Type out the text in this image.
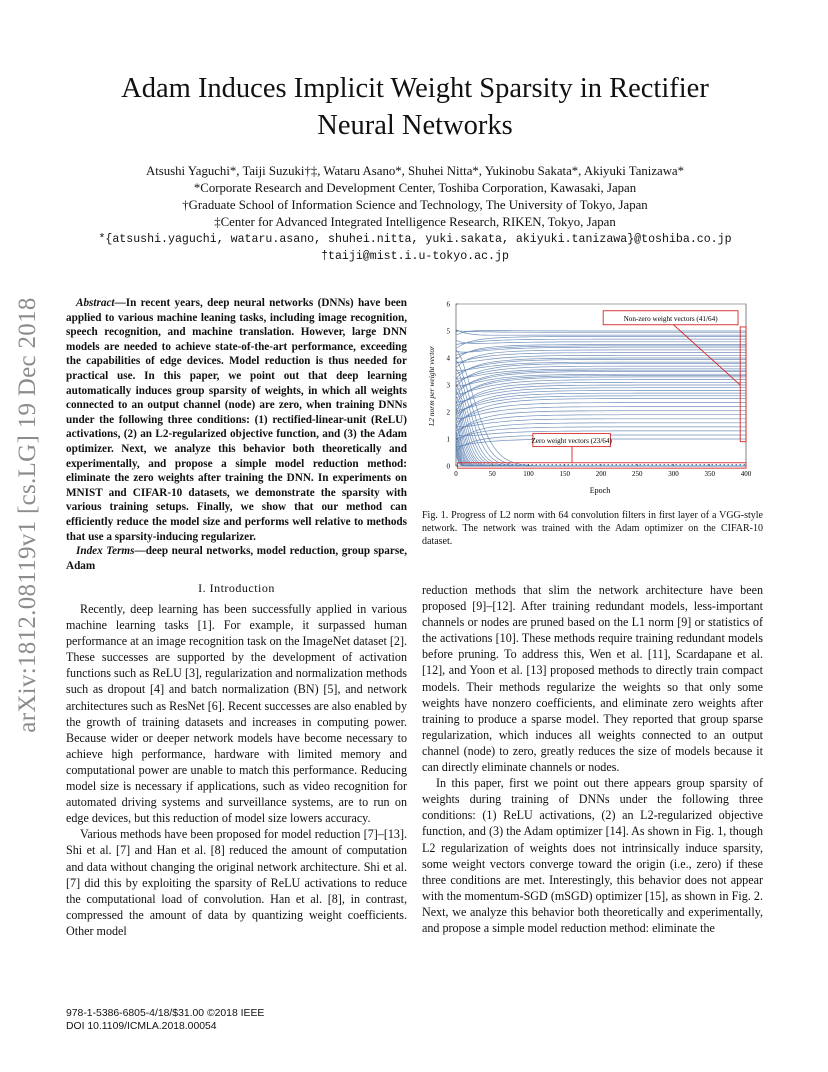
arXiv:1812.08119v1 [cs.LG] 19 Dec 2018
Adam Induces Implicit Weight Sparsity in Rectifier
Neural Networks
Atsushi Yaguchi*, Taiji Suzuki†‡, Wataru Asano*, Shuhei Nitta*, Yukinobu Sakata*, Akiyuki Tanizawa*
*Corporate Research and Development Center, Toshiba Corporation, Kawasaki, Japan
†Graduate School of Information Science and Technology, The University of Tokyo, Japan
‡Center for Advanced Integrated Intelligence Research, RIKEN, Tokyo, Japan
*{atsushi.yaguchi, wataru.asano, shuhei.nitta, yuki.sakata, akiyuki.tanizawa}@toshiba.co.jp
†taiji@mist.i.u-tokyo.ac.jp

Abstract—In recent years, deep neural networks (DNNs) have been applied to various machine leaning tasks, including image recognition, speech recognition, and machine translation. However, large DNN models are needed to achieve state-of-the-art performance, exceeding the capabilities of edge devices. Model reduction is thus needed for practical use. In this paper, we point out that deep learning automatically induces group sparsity of weights, in which all weights connected to an output channel (node) are zero, when training DNNs under the following three conditions: (1) rectified-linear-unit (ReLU) activations, (2) an L2-regularized objective function, and (3) the Adam optimizer. Next, we analyze this behavior both theoretically and experimentally, and propose a simple model reduction method: eliminate the zero weights after training the DNN. In experiments on MNIST and CIFAR-10 datasets, we demonstrate the sparsity with various training setups. Finally, we show that our method can efficiently reduce the model size and performs well relative to methods that use a sparsity-inducing regularizer.

Index Terms—deep neural networks, model reduction, group sparse, Adam

0	50	100	150	200	250	300	350	400
0
1
2
3
4
5
6
Epoch
L2 norm per weight vector
Non-zero weight vectors (41/64)
Zero weight vectors (23/64)
Fig. 1. Progress of L2 norm with 64 convolution filters in first layer of a VGG-style network. The network was trained with the Adam optimizer on the CIFAR-10 dataset.
I. Introduction

Recently, deep learning has been successfully applied in various machine learning tasks [1]. For example, it surpassed human performance at an image recognition task on the ImageNet dataset [2]. These successes are supported by the development of activation functions such as ReLU [3], regularization and normalization methods such as dropout [4] and batch normalization (BN) [5], and network architectures such as ResNet [6]. Recent successes are also enabled by the growth of training datasets and increases in computing power. Because wider or deeper network models have become necessary to achieve high performance, hardware with limited memory and computational power are unable to match this performance. Reducing model size is necessary if applications, such as video recognition for automated driving systems and surveillance systems, are to run on edge devices, but this reduction of model size lowers accuracy.

Various methods have been proposed for model reduction [7]–[13]. Shi et al. [7] and Han et al. [8] reduced the amount of computation and data without changing the original network architecture. Shi et al. [7] did this by exploiting the sparsity of ReLU activations to reduce the computational load of convolution. Han et al. [8], in contrast, compressed the amount of data by quantizing weight coefficients. Other model

reduction methods that slim the network architecture have been proposed [9]–[12]. After training redundant models, less-important channels or nodes are pruned based on the L1 norm [9] or statistics of the activations [10]. These methods require training redundant models before pruning. To address this, Wen et al. [11], Scardapane et al. [12], and Yoon et al. [13] proposed methods to directly train compact models. Their methods regularize the weights so that only some weights have nonzero coefficients, and eliminate zero weights after training to produce a sparse model. They reported that group sparse regularization, which induces all weights connected to an output channel (node) to zero, greatly reduces the size of models because it can directly eliminate channels or nodes.

In this paper, first we point out there appears group sparsity of weights during training of DNNs under the following three conditions: (1) ReLU activations, (2) an L2-regularized objective function, and (3) the Adam optimizer [14]. As shown in Fig. 1, though L2 regularization of weights does not intrinsically induce sparsity, some weight vectors converge toward the origin (i.e., zero) if these three conditions are met. Interestingly, this behavior does not appear with the momentum-SGD (mSGD) optimizer [15], as shown in Fig. 2. Next, we analyze this behavior both theoretically and experimentally, and propose a simple model reduction method: eliminate the

978-1-5386-6805-4/18/$31.00 ©2018 IEEE
DOI 10.1109/ICMLA.2018.00054
